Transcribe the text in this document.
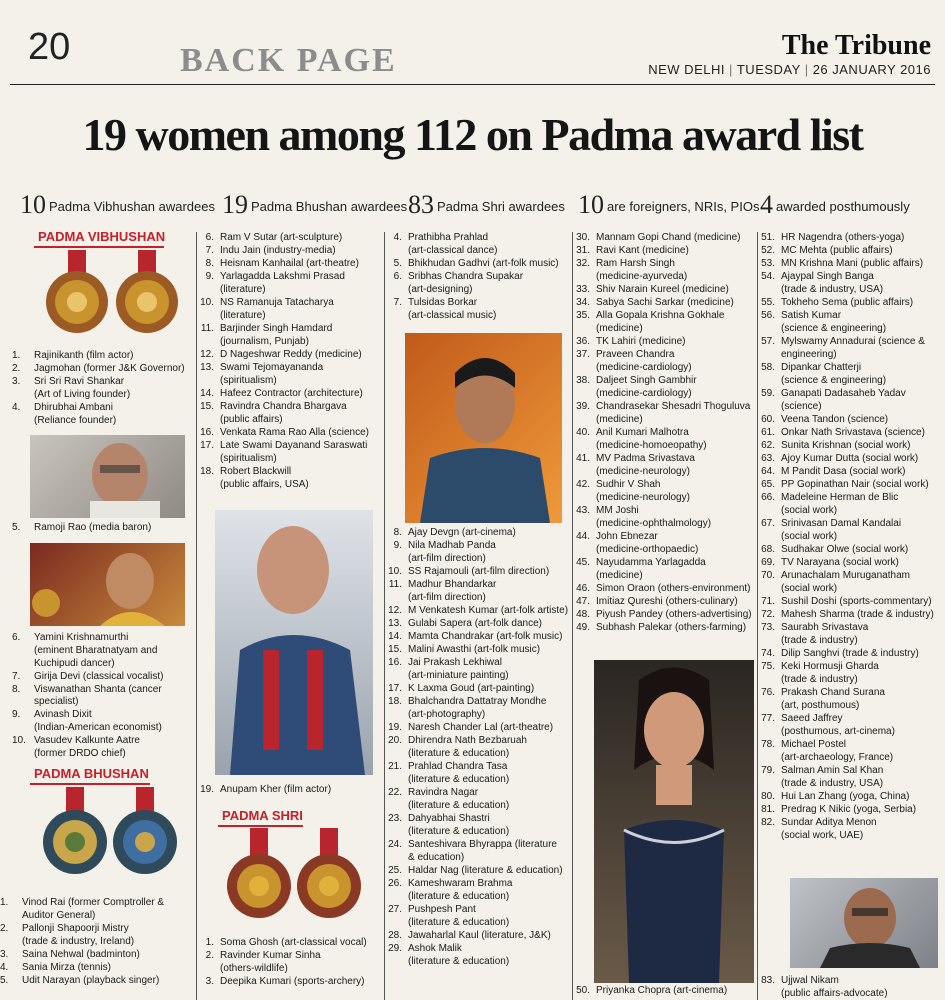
20	BACK PAGE	The Tribune
NEW DELHI | TUESDAY | 26 JANUARY 2016
19 women among 112 on Padma award list
10 Padma Vibhushan awardees 19 Padma Bhushan awardees 83 Padma Shri awardees 10 are foreigners, NRIs, PIOs 4 awarded posthumously
PADMA VIBHUSHAN
1.	Rajinikanth (film actor)
2.	Jagmohan (former J&K Governor)
3.	Sri Sri Ravi Shankar
(Art of Living founder)
4.	Dhirubhai Ambani
(Reliance founder)
5.	Ramoji Rao (media baron)
6.	Yamini Krishnamurthi
(eminent Bharatnatyam and
Kuchipudi dancer)
7.	Girija Devi (classical vocalist)
8.	Viswanathan Shanta (cancer specialist)
9.	Avinash Dixit
(Indian-American economist)
10. Vasudev Kalkunte Aatre
(former DRDO chief)
PADMA BHUSHAN
1.	Vinod Rai (former Comptroller &
Auditor General)
2.	Pallonji Shapoorji Mistry
(trade & industry, Ireland)
3.	Saina Nehwal (badminton)
4.	Sania Mirza (tennis)
5.	Udit Narayan (playback singer)
6. Ram V Sutar (art-sculpture)
7. Indu Jain (industry-media)
8. Heisnam Kanhailal (art-theatre)
9. Yarlagadda Lakshmi Prasad
(literature)
10. NS Ramanuja Tatacharya
(literature)
11. Barjinder Singh Hamdard
(journalism, Punjab)
12. D Nageshwar Reddy (medicine)
13. Swami Tejomayananda
(spiritualism)
14. Hafeez Contractor (architecture)
15. Ravindra Chandra Bhargava
(public affairs)
16. Venkata Rama Rao Alla (science)
17. Late Swami Dayanand Saraswati
(spiritualism)
18. Robert Blackwill
(public affairs, USA)
19. Anupam Kher (film actor)
PADMA SHRI
1. Soma Ghosh (art-classical vocal)
2. Ravinder Kumar Sinha
(others-wildlife)
3. Deepika Kumari (sports-archery)
4. Prathibha Prahlad
(art-classical dance)
5. Bhikhudan Gadhvi (art-folk music)
6. Sribhas Chandra Supakar
(art-designing)
7. Tulsidas Borkar
(art-classical music)
8. Ajay Devgn (art-cinema)
9. Nila Madhab Panda
(art-film direction)
10. SS Rajamouli (art-film direction)
11. Madhur Bhandarkar
(art-film direction)
12. M Venkatesh Kumar (art-folk artiste)
13. Gulabi Sapera (art-folk dance)
14. Mamta Chandrakar (art-folk music)
15. Malini Awasthi (art-folk music)
16. Jai Prakash Lekhiwal
(art-miniature painting)
17. K Laxma Goud (art-painting)
18. Bhalchandra Dattatray Mondhe
(art-photography)
19. Naresh Chander Lal (art-theatre)
20. Dhirendra Nath Bezbaruah
(literature & education)
21. Prahlad Chandra Tasa
(literature & education)
22. Ravindra Nagar
(literature & education)
23. Dahyabhai Shastri
(literature & education)
24. Santeshivara Bhyrappa (literature
& education)
25. Haldar Nag (literature & education)
26. Kameshwaram Brahma
(literature & education)
27. Pushpesh Pant
(literature & education)
28. Jawaharlal Kaul (literature, J&K)
29. Ashok Malik
(literature & education)
30. Mannam Gopi Chand (medicine)
31. Ravi Kant (medicine)
32. Ram Harsh Singh
(medicine-ayurveda)
33. Shiv Narain Kureel (medicine)
34. Sabya Sachi Sarkar (medicine)
35. Alla Gopala Krishna Gokhale
(medicine)
36. TK Lahiri (medicine)
37. Praveen Chandra
(medicine-cardiology)
38. Daljeet Singh Gambhir
(medicine-cardiology)
39. Chandrasekar Shesadri Thoguluva
(medicine)
40. Anil Kumari Malhotra
(medicine-homoeopathy)
41. MV Padma Srivastava
(medicine-neurology)
42. Sudhir V Shah
(medicine-neurology)
43. MM Joshi
(medicine-ophthalmology)
44. John Ebnezar
(medicine-orthopaedic)
45. Nayudamma Yarlagadda
(medicine)
46. Simon Oraon (others-environment)
47. Imitiaz Qureshi (others-culinary)
48. Piyush Pandey (others-advertising)
49. Subhash Palekar (others-farming)
50. Priyanka Chopra (art-cinema)
51. HR Nagendra (others-yoga)
52. MC Mehta (public affairs)
53. MN Krishna Mani (public affairs)
54. Ajaypal Singh Banga
(trade & industry, USA)
55. Tokheho Sema (public affairs)
56. Satish Kumar
(science & engineering)
57. Mylswamy Annadurai (science &
engineering)
58. Dipankar Chatterji
(science & engineering)
59. Ganapati Dadasaheb Yadav
(science)
60. Veena Tandon (science)
61. Onkar Nath Srivastava (science)
62. Sunita Krishnan (social work)
63. Ajoy Kumar Dutta (social work)
64. M Pandit Dasa (social work)
65. PP Gopinathan Nair (social work)
66. Madeleine Herman de Blic
(social work)
67. Srinivasan Damal Kandalai
(social work)
68. Sudhakar Olwe (social work)
69. TV Narayana (social work)
70. Arunachalam Muruganatham
(social work)
71. Sushil Doshi (sports-commentary)
72. Mahesh Sharma (trade & industry)
73. Saurabh Srivastava
(trade & industry)
74. Dilip Sanghvi (trade & industry)
75. Keki Hormusji Gharda
(trade & industry)
76. Prakash Chand Surana
(art, posthumous)
77. Saeed Jaffrey
(posthumous, art-cinema)
78. Michael Postel
(art-archaeology, France)
79. Salman Amin Sal Khan
(trade & industry, USA)
80. Hui Lan Zhang (yoga, China)
81. Predrag K Nikic (yoga, Serbia)
82. Sundar Aditya Menon
(social work, UAE)
83. Ujjwal Nikam
(public affairs-advocate)
